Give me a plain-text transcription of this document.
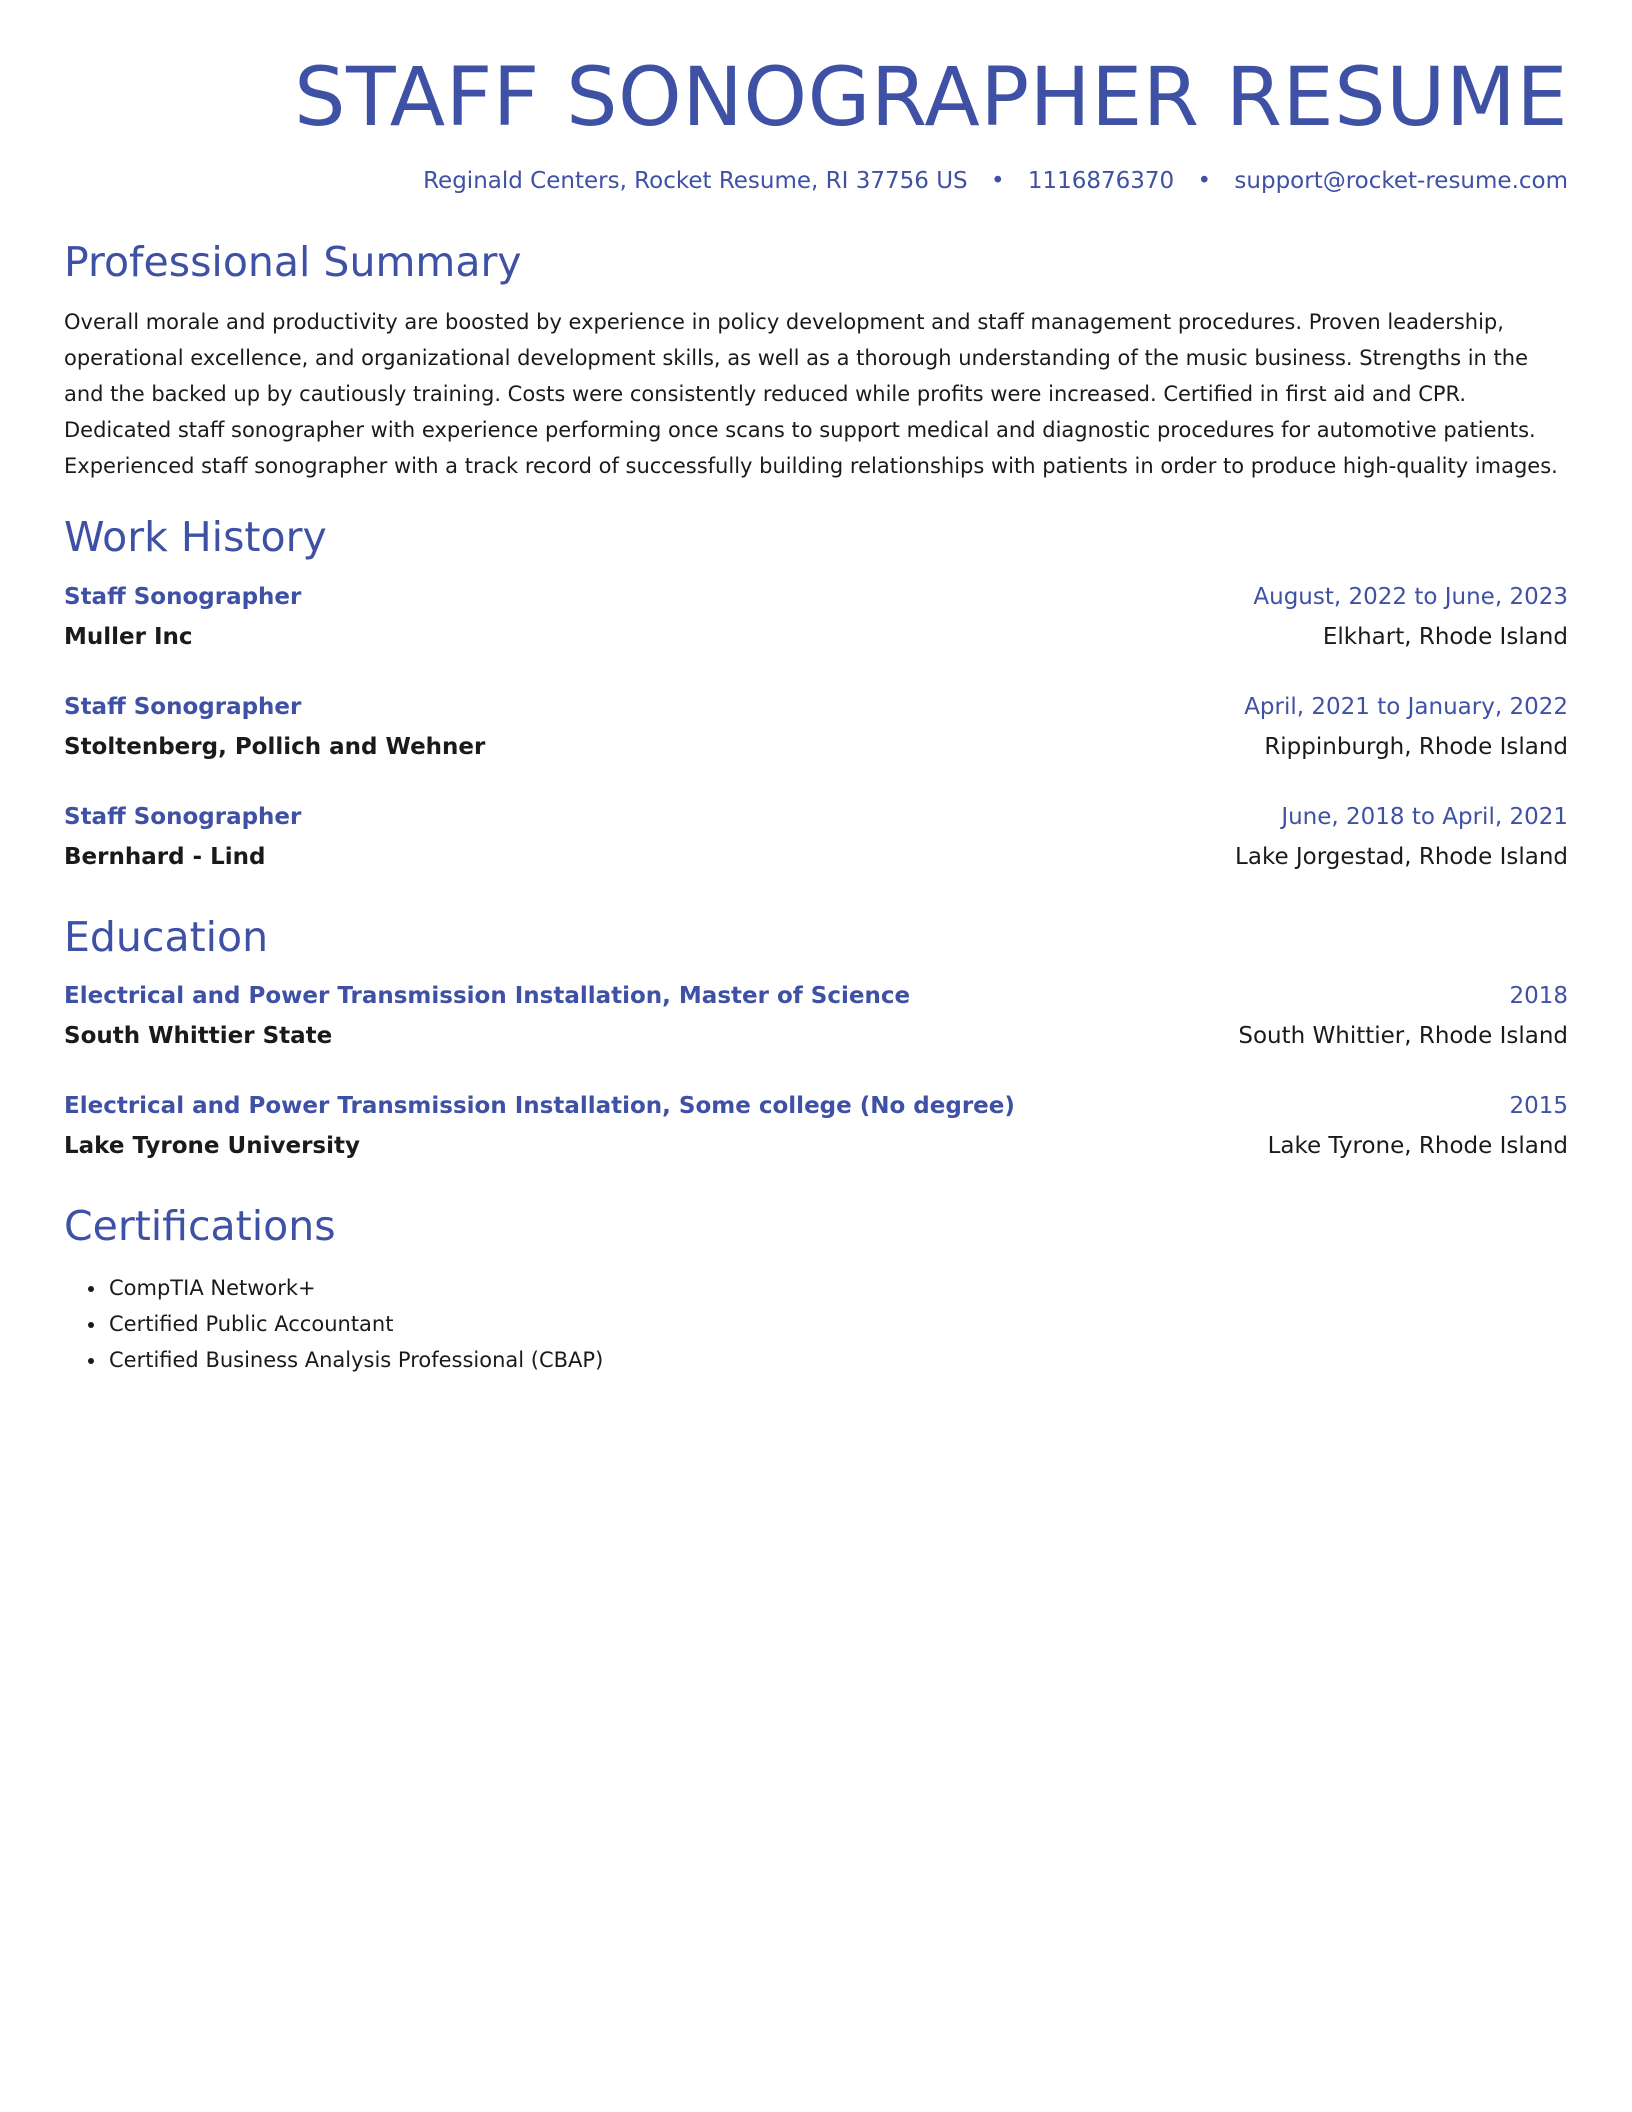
STAFF SONOGRAPHER RESUME
Reginald Centers, Rocket Resume, RI 37756 US • 1116876370 • support@rocket-resume.com
Professional Summary
Overall morale and productivity are boosted by experience in policy development and staff management procedures. Proven leadership, operational excellence, and organizational development skills, as well as a thorough understanding of the music business. Strengths in the and the backed up by cautiously training. Costs were consistently reduced while profits were increased. Certified in first aid and CPR. Dedicated staff sonographer with experience performing once scans to support medical and diagnostic procedures for automotive patients. Experienced staff sonographer with a track record of successfully building relationships with patients in order to produce high-quality images.
Work History
Staff Sonographer	August, 2022 to June, 2023
Muller Inc	Elkhart, Rhode Island
Staff Sonographer	April, 2021 to January, 2022
Stoltenberg, Pollich and Wehner	Rippinburgh, Rhode Island
Staff Sonographer	June, 2018 to April, 2021
Bernhard - Lind	Lake Jorgestad, Rhode Island
Education
Electrical and Power Transmission Installation, Master of Science	2018
South Whittier State	South Whittier, Rhode Island
Electrical and Power Transmission Installation, Some college (No degree)	2015
Lake Tyrone University	Lake Tyrone, Rhode Island
Certifications
• CompTIA Network+
• Certified Public Accountant
• Certified Business Analysis Professional (CBAP)
